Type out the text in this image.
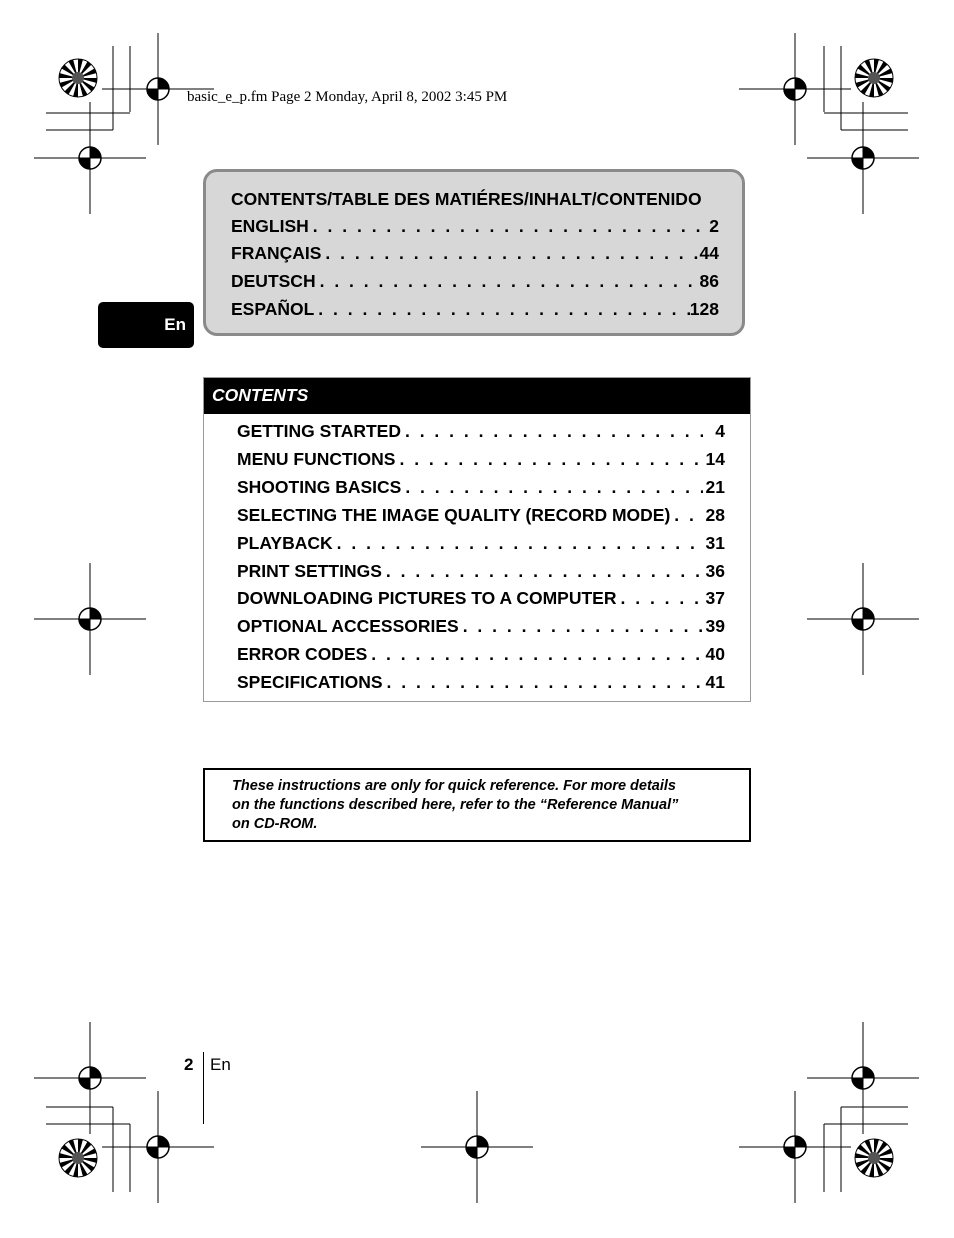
basic_e_p.fm Page 2 Monday, April 8, 2002 3:45 PM
En
CONTENTS/TABLE DES MATIÉRES/INHALT/CONTENIDO
ENGLISH . . .	2
FRANÇAIS . . .	44
DEUTSCH . . .	86
ESPAÑOL . . .	128
CONTENTS
GETTING STARTED . . .	4
MENU FUNCTIONS . . .	14
SHOOTING BASICS . . .	21
SELECTING THE IMAGE QUALITY (RECORD MODE) . . . 28
PLAYBACK . . .	31
PRINT SETTINGS . . .	36
DOWNLOADING PICTURES TO A COMPUTER . . .	37
OPTIONAL ACCESSORIES . . .	39
ERROR CODES . . .	40
SPECIFICATIONS . . .	41

These instructions are only for quick reference. For more details
on the functions described here, refer to the “Reference Manual”
on CD-ROM.

2 En
